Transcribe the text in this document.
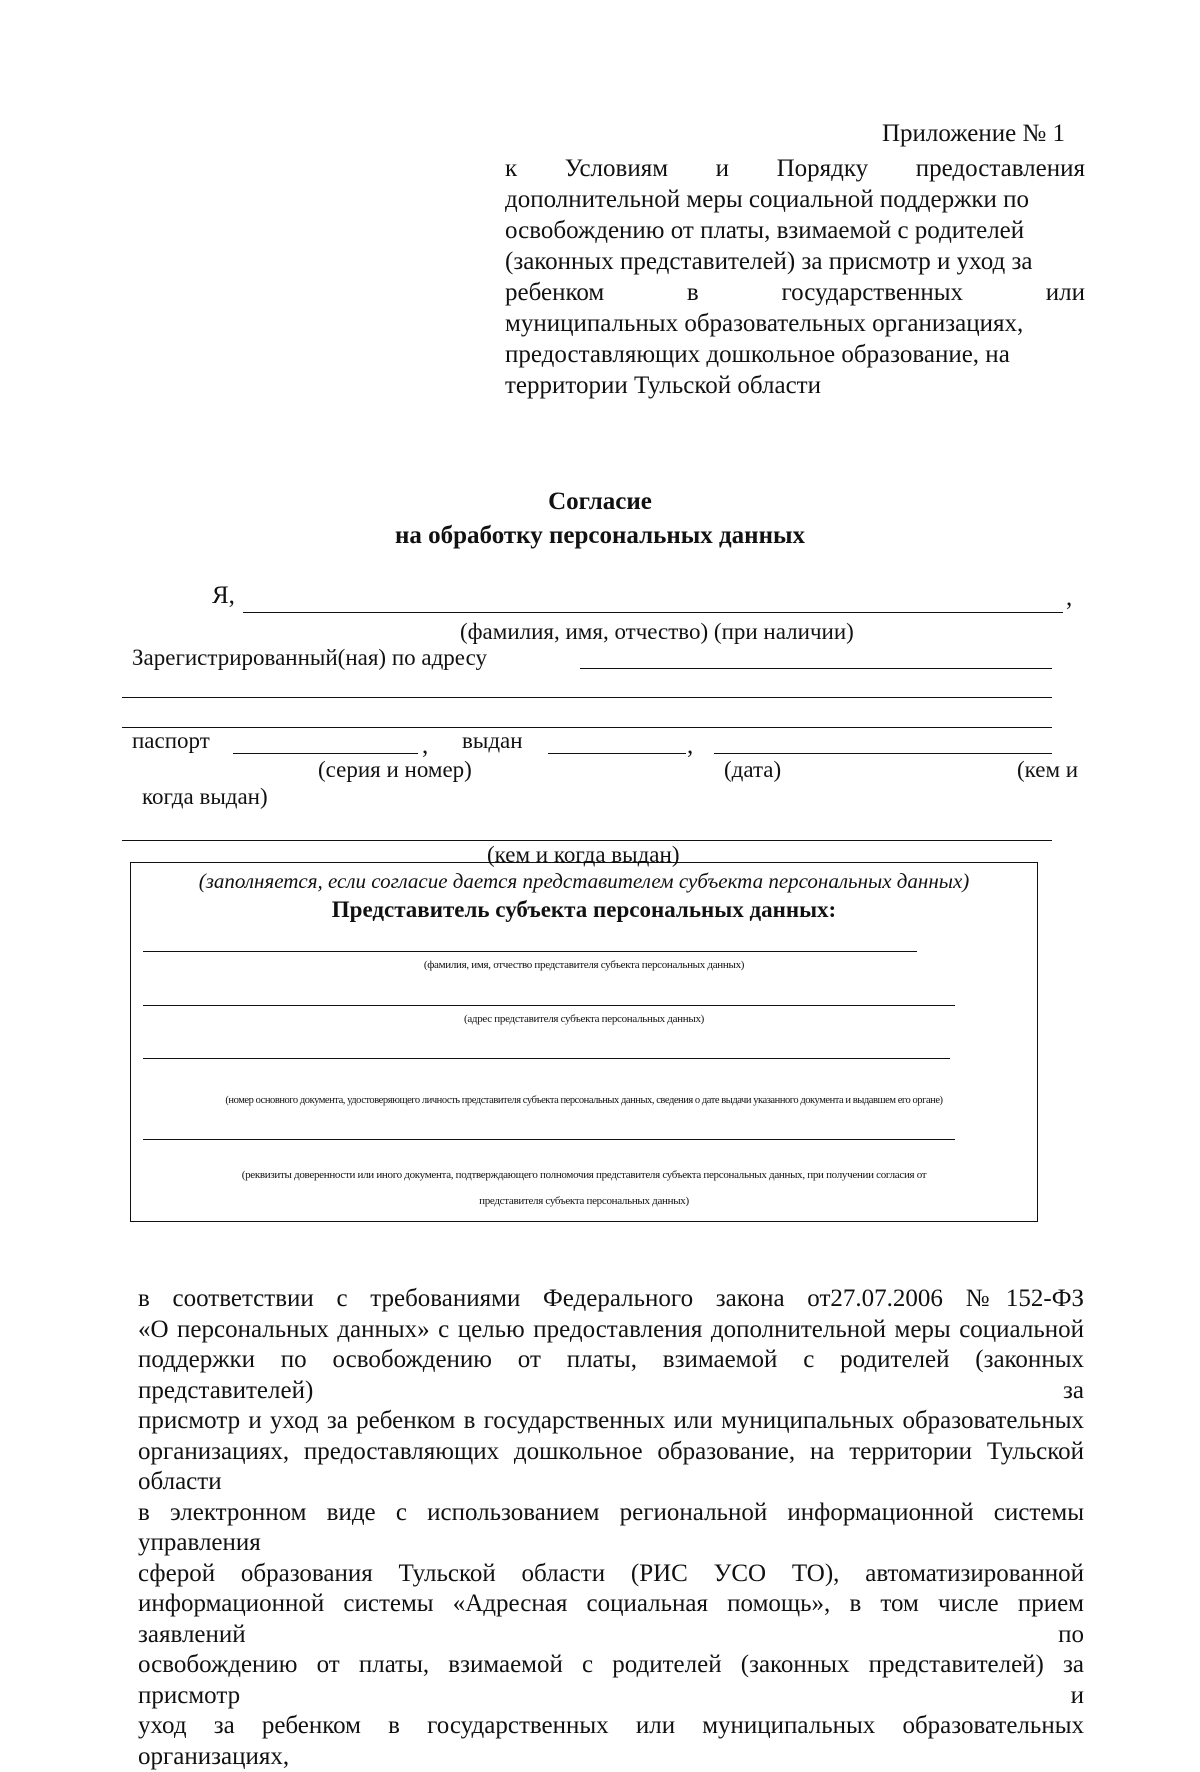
Приложение № 1
к Условиям и Порядку предоставления
дополнительной меры социальной поддержки по
освобождению от платы, взимаемой с родителей
(законных представителей) за присмотр и уход за
ребенком	в	государственных	или
муниципальных образовательных организациях,
предоставляющих дошкольное образование, на
территории Тульской области
Согласие
на обработку персональных данных
Я,	,
(фамилия, имя, отчество) (при наличии)
Зарегистрированный(ная) по адресу
паспорт	, выдан	,
(серия и номер)	(дата)	(кем и
когда выдан)
(кем и когда выдан)
(заполняется, если согласие дается представителем субъекта персональных данных)
Представитель субъекта персональных данных:
(фамилия, имя, отчество представителя субъекта персональных данных)
(адрес представителя субъекта персональных данных)
(номер основного документа, удостоверяющего личность представителя субъекта персональных данных, сведения о дате выдачи указанного документа и выдавшем его органе)
(реквизиты доверенности или иного документа, подтверждающего полномочия представителя субъекта персональных данных, при получении согласия от
представителя субъекта персональных данных)

в соответствии с требованиями Федерального закона от27.07.2006 №152-ФЗ

«О персональных данных» с целью предоставления дополнительной меры социальной

поддержки по освобождению от платы, взимаемой с родителей (законных представителей) за

присмотр и уход за ребенком в государственных или муниципальных образовательных

организациях, предоставляющих дошкольное образование, на территории Тульской области

в электронном виде с использованием региональной информационной системы управления

сферой образования Тульской области (РИС УСО ТО), автоматизированной

информационной системы «Адресная социальная помощь», в том числе прием заявлений по

освобождению от платы, взимаемой с родителей (законных представителей) за присмотр и

уход за ребенком в государственных или муниципальных образовательных организациях,
